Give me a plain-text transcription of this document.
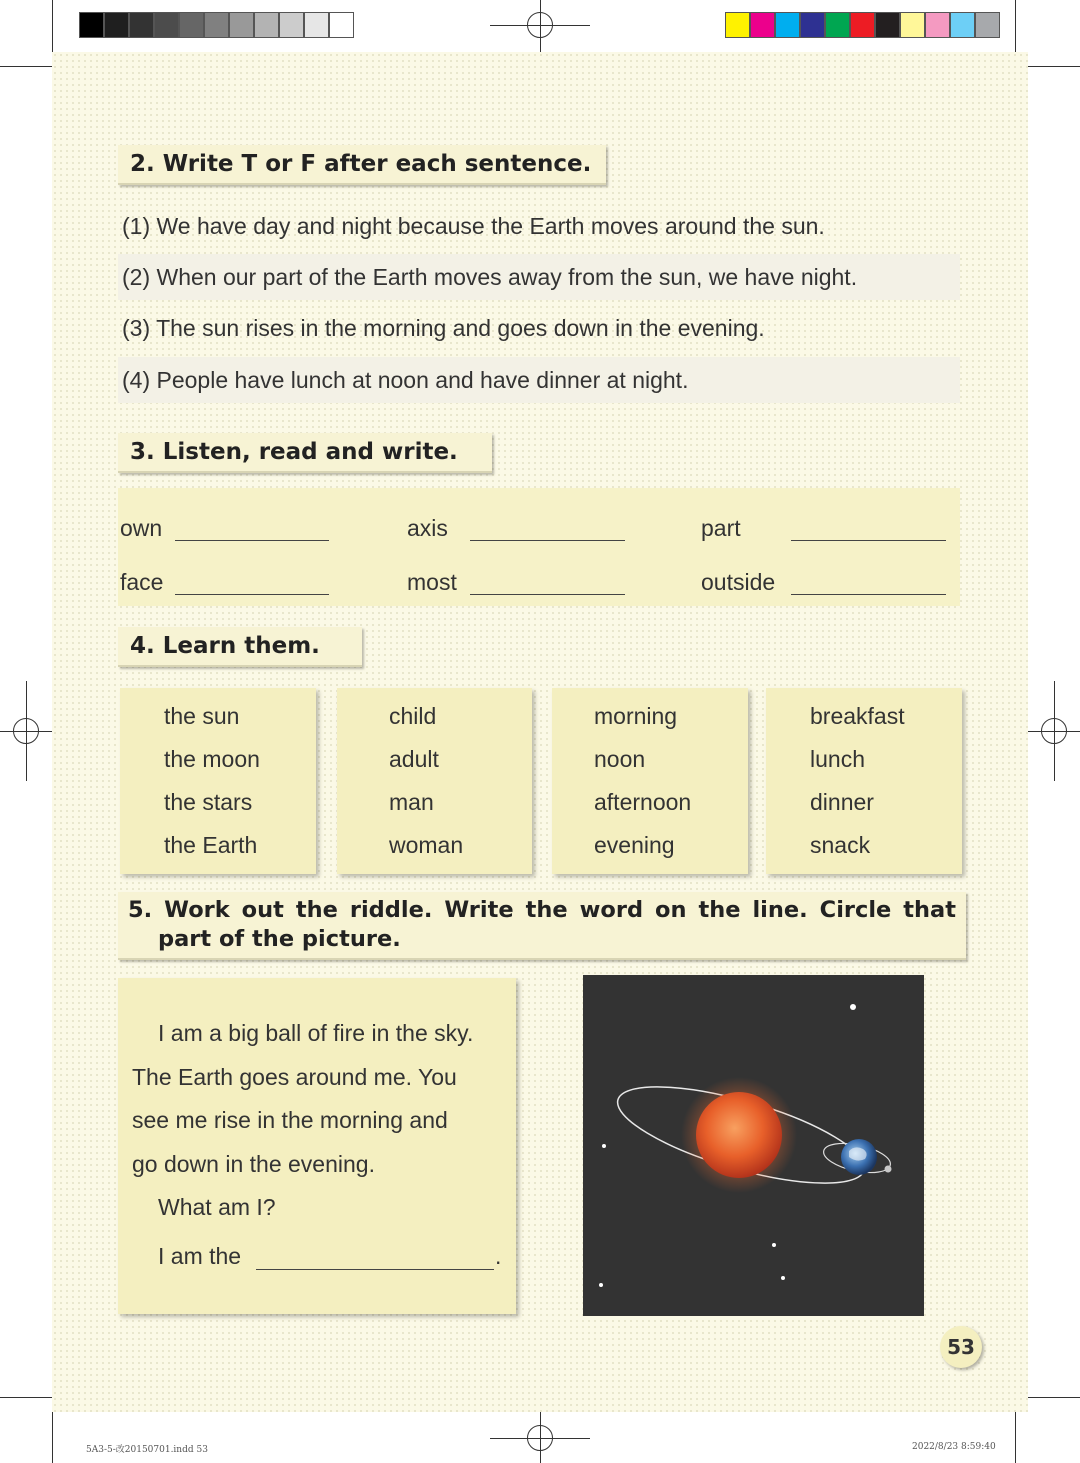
2. Write T or F after each sentence.
(1) We have day and night because the Earth moves around the sun.
(2) When our part of the Earth moves away from the sun, we have night.
(3) The sun rises in the morning and goes down in the evening.
(4) People have lunch at noon and have dinner at night.
3. Listen, read and write.
own	axis	part
face	most	outside
4. Learn them.
the sun
the moon
the stars
the Earth
child
adult
man
woman
morning
noon
afternoon
evening
breakfast
lunch
dinner
snack
5. Work out the riddle. Write the word on the line. Circle that
part of the picture.
I am a big ball of fire in the sky.
The Earth goes around me. You
see me rise in the morning and
go down in the evening.
What am I?
I am the	.
53
5A3-5-改20150701.indd 53	2022/8/23 8:59:40
